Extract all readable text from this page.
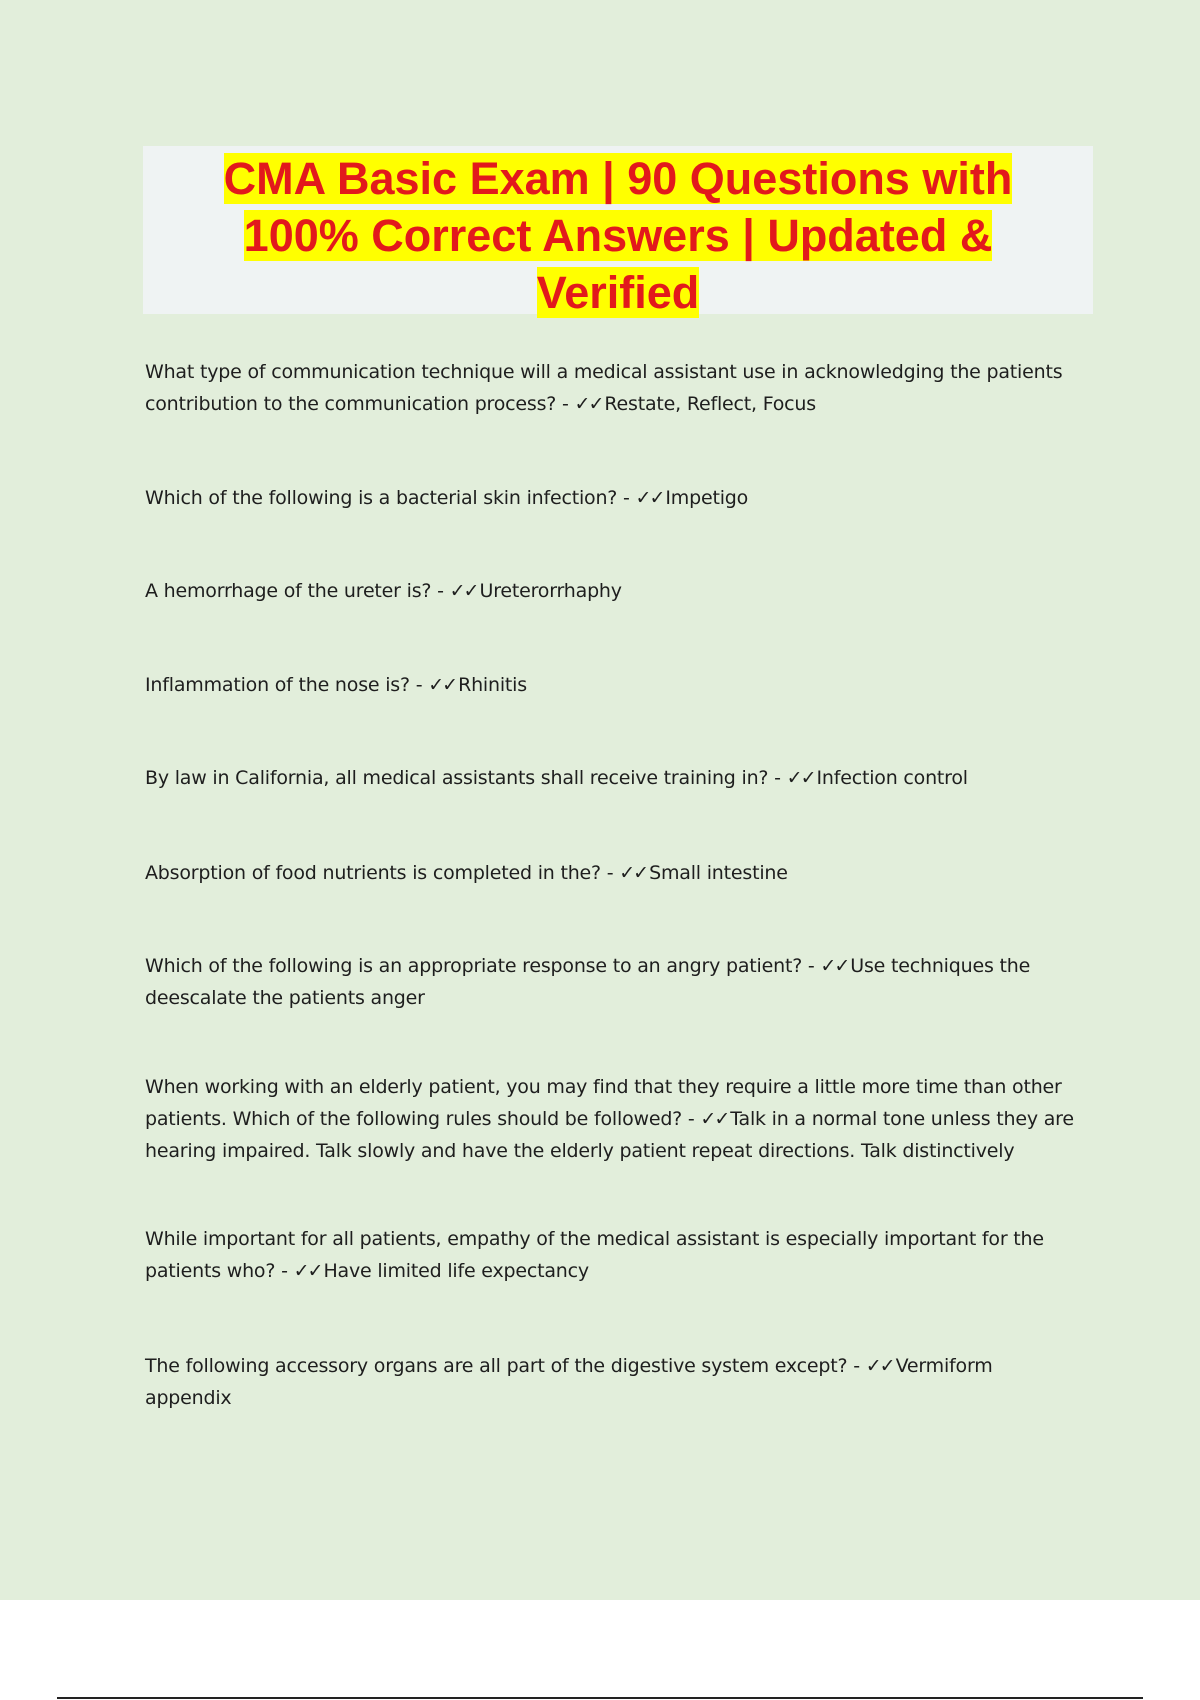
CMA Basic Exam | 90 Questions with 100% Correct Answers | Updated & Verified
What type of communication technique will a medical assistant use in acknowledging the patients contribution to the communication process? - ✓✓ Restate, Reflect, Focus
Which of the following is a bacterial skin infection? - ✓✓ Impetigo
A hemorrhage of the ureter is? - ✓✓ Ureterorrhaphy
Inflammation of the nose is? - ✓✓ Rhinitis
By law in California, all medical assistants shall receive training in? - ✓✓ Infection control
Absorption of food nutrients is completed in the? - ✓✓ Small intestine
Which of the following is an appropriate response to an angry patient? - ✓✓ Use techniques the deescalate the patients anger
When working with an elderly patient, you may find that they require a little more time than other patients. Which of the following rules should be followed? - ✓✓ Talk in a normal tone unless they are hearing impaired. Talk slowly and have the elderly patient repeat directions. Talk distinctively
While important for all patients, empathy of the medical assistant is especially important for the patients who? - ✓✓ Have limited life expectancy
The following accessory organs are all part of the digestive system except? - ✓✓ Vermiform appendix
